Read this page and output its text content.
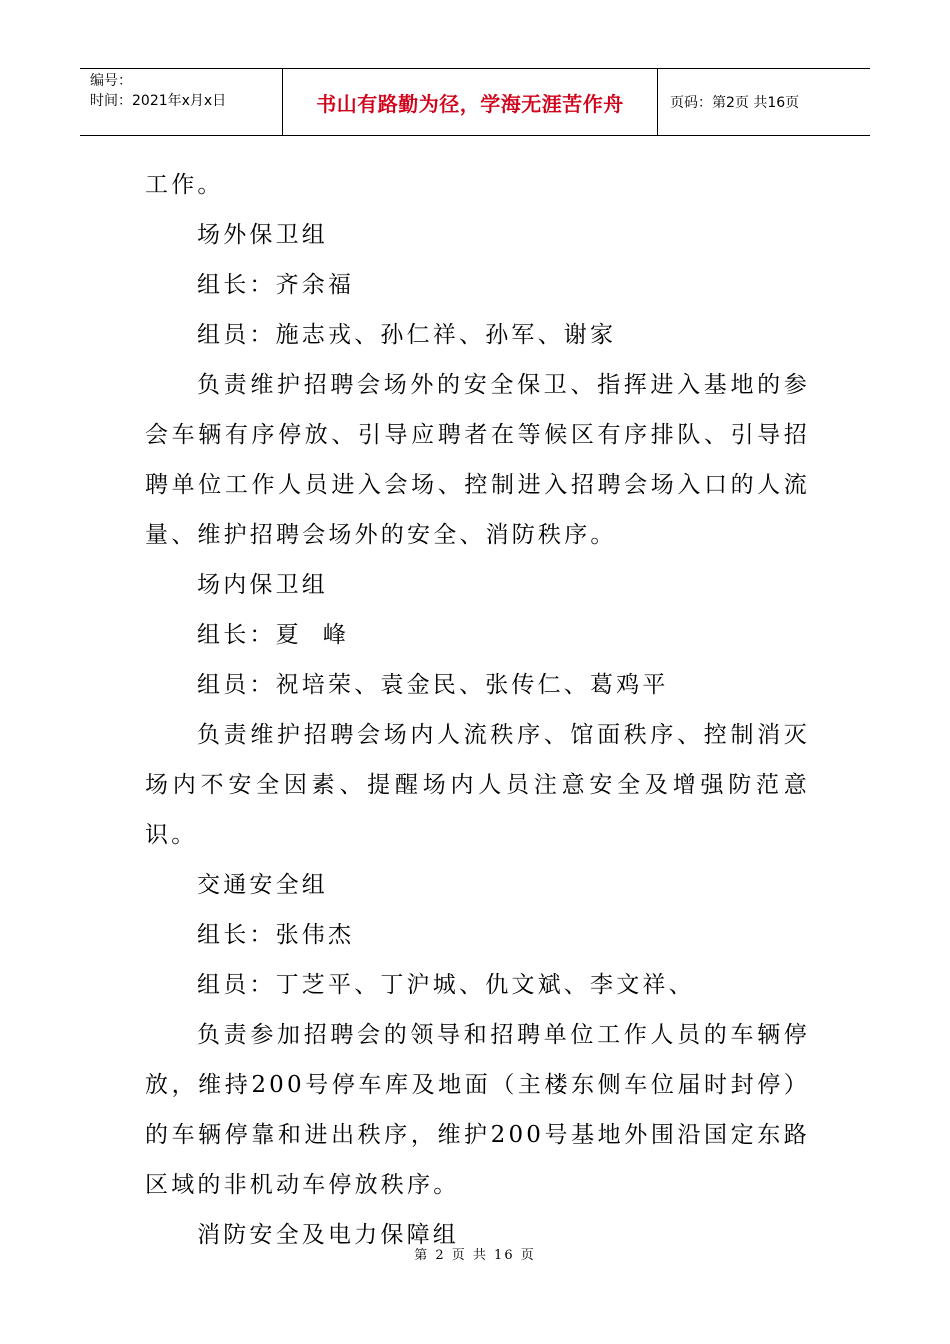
编号：
时间：2021年x月x日	书山有路勤为径，学海无涯苦作舟	页码：第2页 共16页

工作。

场外保卫组

组长：齐余福

组员：施志戎、孙仁祥、孙军、谢家

负责维护招聘会场外的安全保卫、指挥进入基地的参会车辆有序停放、引导应聘者在等候区有序排队、引导招聘单位工作人员进入会场、控制进入招聘会场入口的人流量、维护招聘会场外的安全、消防秩序。

场内保卫组

组长：夏  峰

组员：祝培荣、袁金民、张传仁、葛鸡平

负责维护招聘会场内人流秩序、馆面秩序、控制消灭场内不安全因素、提醒场内人员注意安全及增强防范意识。

交通安全组

组长：张伟杰

组员：丁芝平、丁沪城、仇文斌、李文祥、

负责参加招聘会的领导和招聘单位工作人员的车辆停放，维持200号停车库及地面（主楼东侧车位届时封停）的车辆停靠和进出秩序，维护200号基地外围沿国定东路区域的非机动车停放秩序。

消防安全及电力保障组

第 2 页 共 16 页
